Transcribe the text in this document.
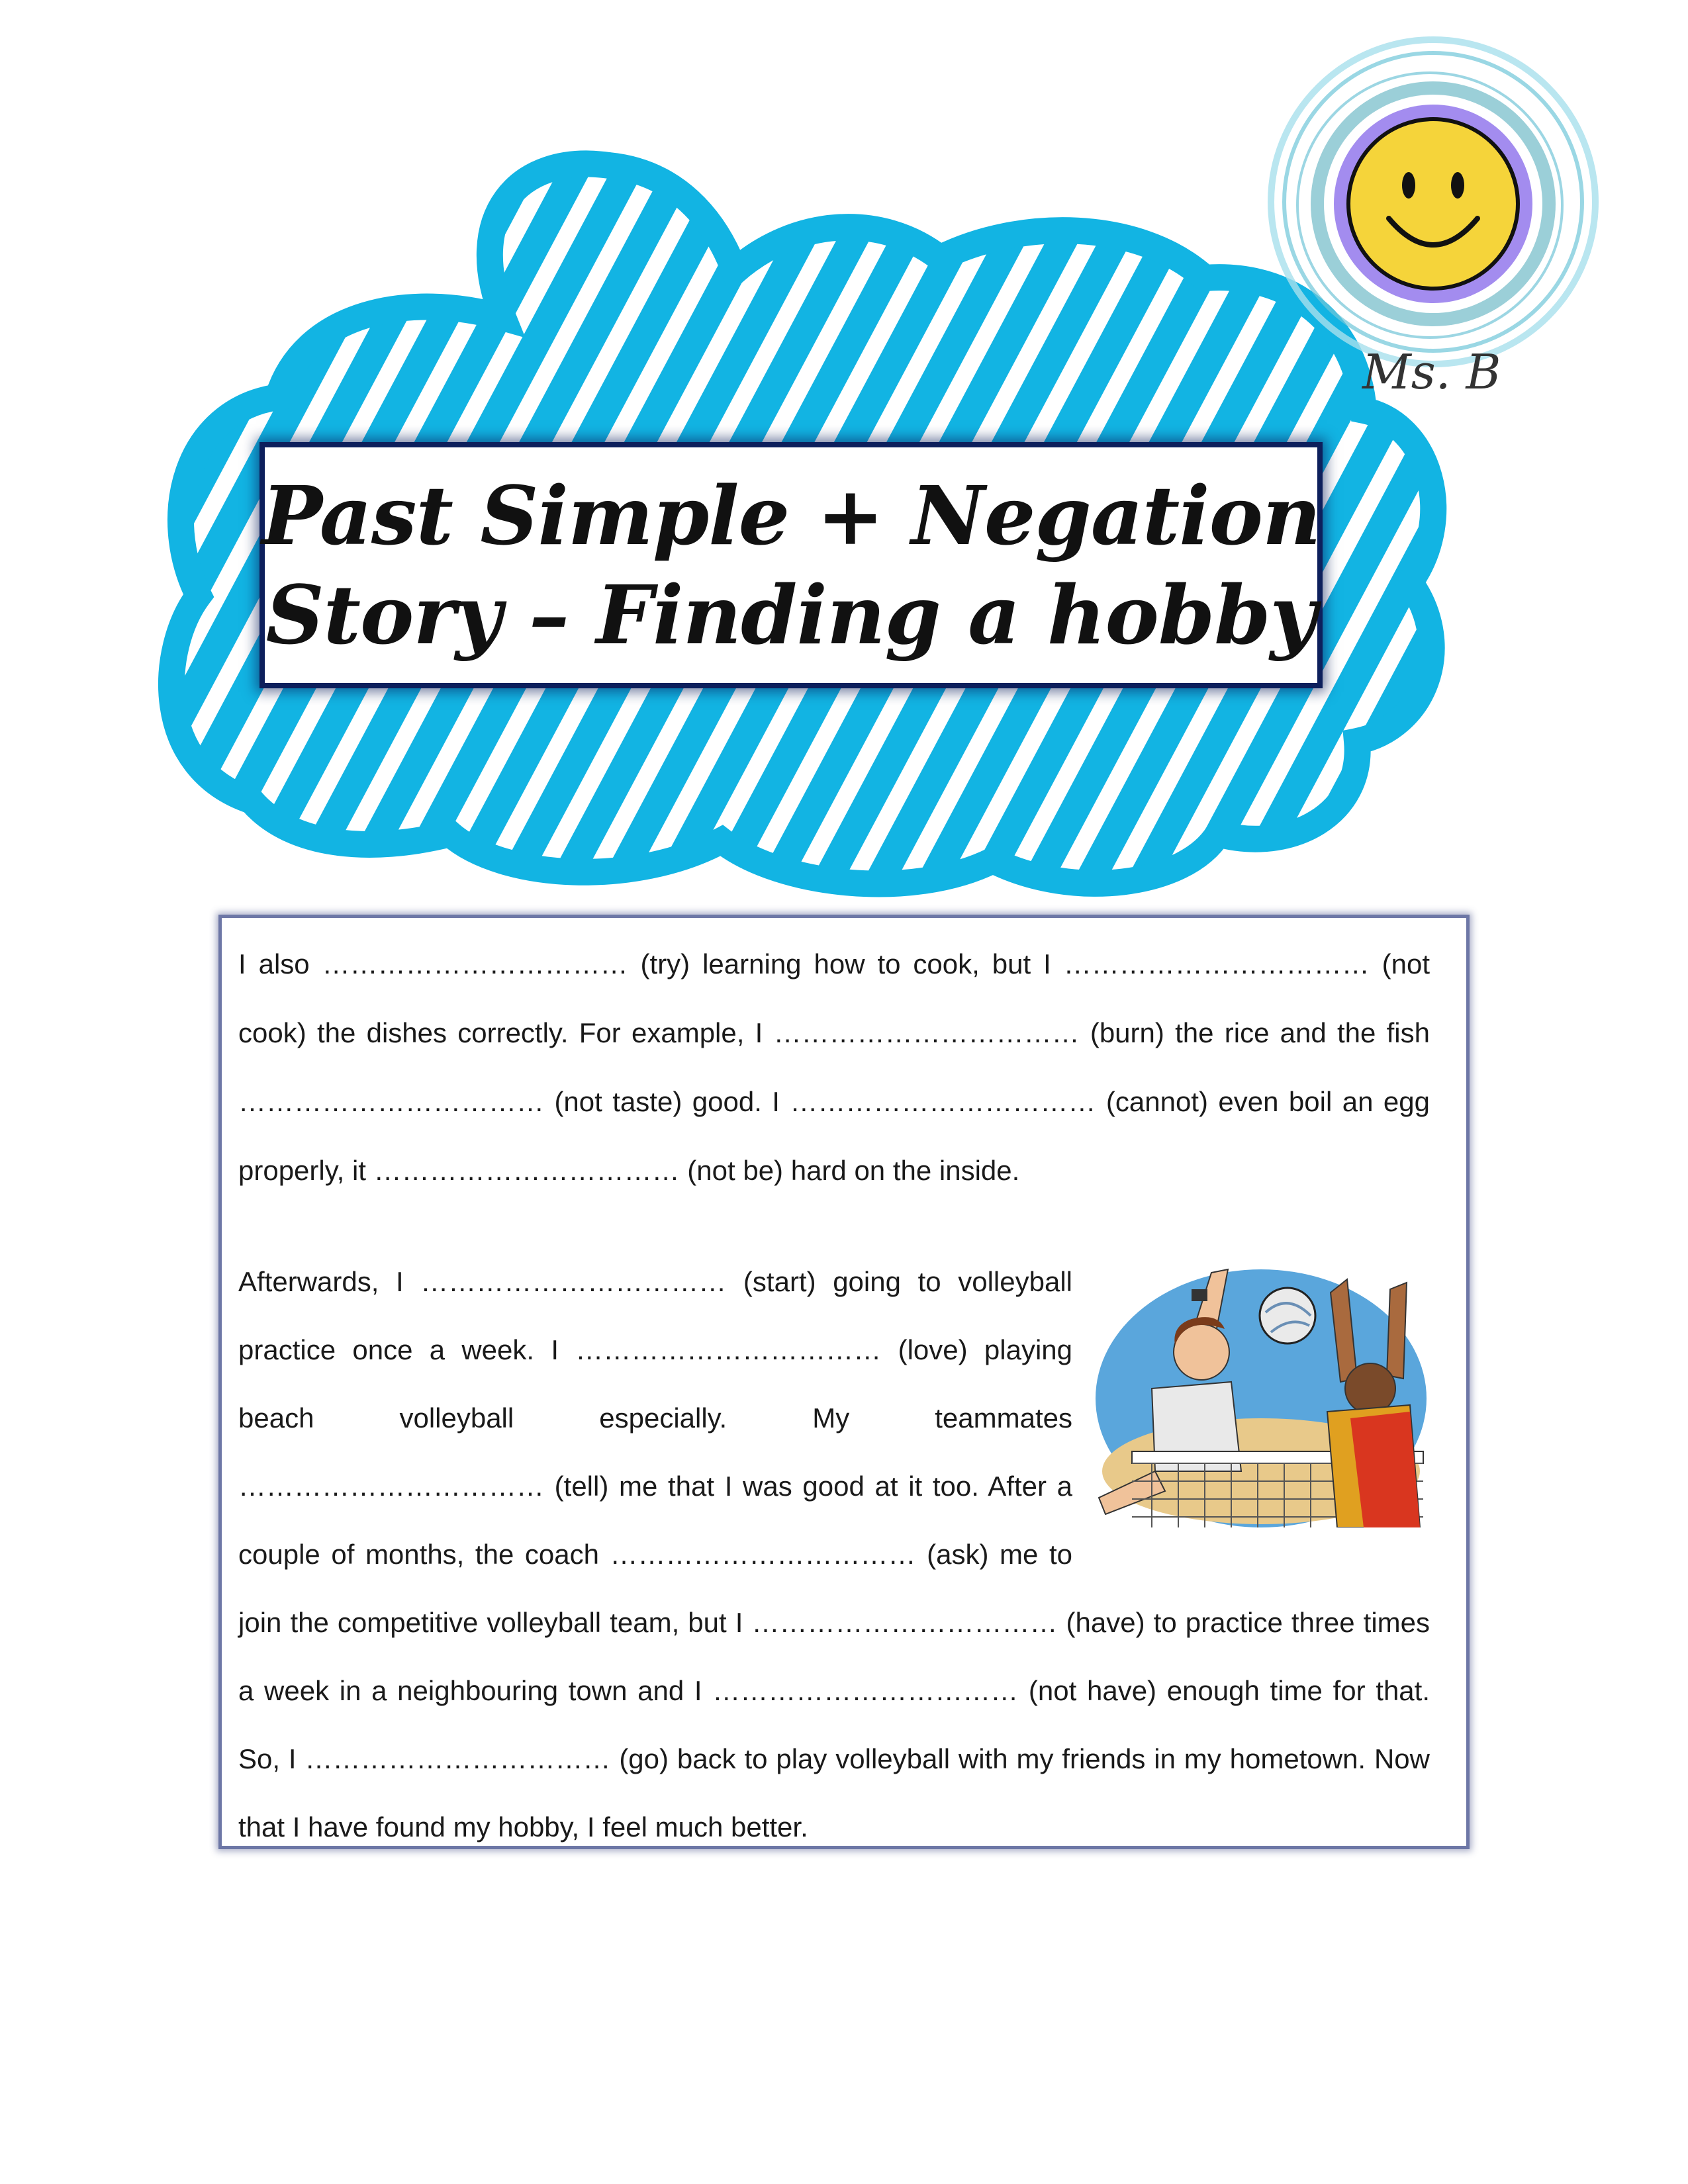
Ms. B
Past Simple + Negation
Story – Finding a hobby

I also …………………………… (try) learning how to cook, but I …………………………… (not cook) the dishes correctly. For example, I …………………………… (burn) the rice and the fish …………………………… (not taste) good. I …………………………… (cannot) even boil an egg properly, it …………………………… (not be) hard on the inside.

Afterwards, I …………………………… (start) going to volleyball practice once a week. I …………………………… (love) playing beach volleyball especially. My teammates …………………………… (tell) me that I was good at it too. After a couple of months, the coach …………………………… (ask) me to join the competitive volleyball team, but I …………………………… (have) to practice three times a week in a neighbouring town and I …………………………… (not have) enough time for that. So, I …………………………… (go) back to play volleyball with my friends in my hometown. Now that I have found my hobby, I feel much better.
